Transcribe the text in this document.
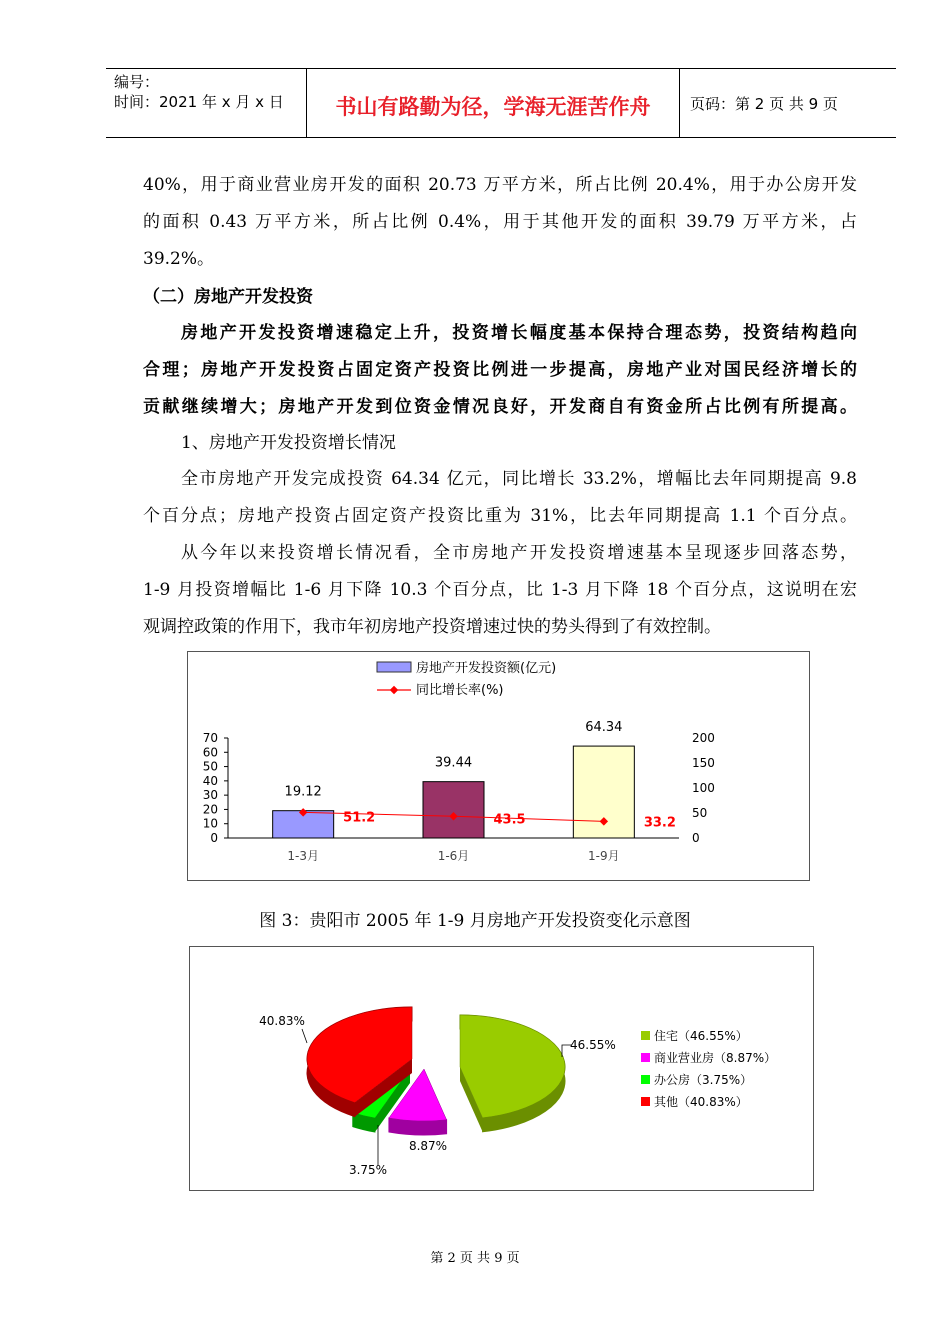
编号：
时间：2021 年 x 月 x 日	书山有路勤为径，学海无涯苦作舟	页码：第 2 页 共 9 页
40%，用于商业营业房开发的面积 20.73 万平方米，所占比例 20.4%，用于办公房开发
的面积 0.43 万平方米，所占比例 0.4%，用于其他开发的面积 39.79 万平方米，占
39.2%。
（二）房地产开发投资
房地产开发投资增速稳定上升，投资增长幅度基本保持合理态势，投资结构趋向
合理；房地产开发投资占固定资产投资比例进一步提高，房地产业对国民经济增长的
贡献继续增大；房地产开发到位资金情况良好，开发商自有资金所占比例有所提高。
1、房地产开发投资增长情况
全市房地产开发完成投资 64.34 亿元，同比增长 33.2%，增幅比去年同期提高 9.8
个百分点；房地产投资占固定资产投资比重为 31%，比去年同期提高 1.1 个百分点。
从今年以来投资增长情况看，全市房地产开发投资增速基本呈现逐步回落态势，
1-9 月投资增幅比 1-6 月下降 10.3 个百分点，比 1-3 月下降 18 个百分点，这说明在宏
观调控政策的作用下，我市年初房地产投资增速过快的势头得到了有效控制。
房地产开发投资额(亿元)
同比增长率(%)
0
10
20
30
40
50
60
70
0
50
100
150
200
19.12
39.44
64.34
1-3月	1-6月	1-9月
51.2	43.5	33.2
图 3：贵阳市 2005 年 1-9 月房地产开发投资变化示意图
46.55%
8.87%
3.75%
40.83%
住宅（46.55%）
商业营业房（8.87%）
办公房（3.75%）
其他（40.83%）
第 2 页 共 9 页
